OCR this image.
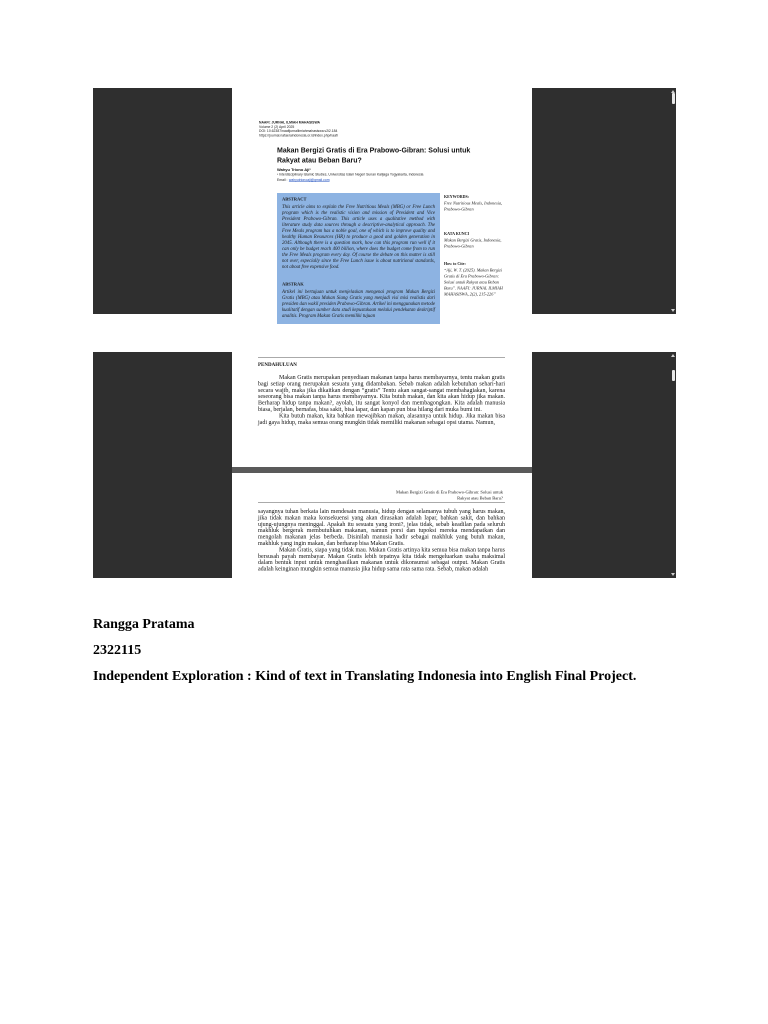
NAAFI: JURNAL ILMIAH MAHASISWA
Volume 2 (2) April 2025
DOI: 10.62387/naafijurnalilmiahmahasiswa.v2i2.184
https://journal.nafaeraindonesia.or.id/index.php/naafi
Makan Bergizi Gratis di Era Prabowo-Gibran: Solusi untuk
Rakyat atau Beban Baru?
Wahyu Triono Aji¹
¹ Interdisciplinary Islamic Studies, Universitas Islam Negeri Sunan Kalijaga Yogyakarta, Indonesia
Email : wahyutrionoaji@gmail.com
ABSTRACT
This article aims to explain the Free Nutritious Meals (MBG) or Free Lunch program which is the realistic vision and mission of President and Vice President Prabowo-Gibran. This article uses a qualitative method with literature study data sources through a descriptive-analytical approach. The Free Meals program has a noble goal, one of which is to improve quality and healthy Human Resources (HR) to produce a good and golden generation in 2045. Although there is a question mark, how can this program run well if it can only be budget reach 400 billion, where does the budget come from to run the Free Meals program every day. Of course the debate on this matter is still not over, especially since the Free Lunch issue is about nutritional standards, not about free expensive food.
ABSTRAK
Artikel ini bertujuan untuk menjelaskan mengenai program Makan Bergizi Gratis (MBG) atau Makan Siang Gratis yang menjadi visi misi realistis dari presiden dan wakil presiden Prabowo-Gibran. Artikel ini menggunakan metode kualitatif dengan sumber data studi kepustakaan melalui pendekatan deskriptif analitis. Program Makan Gratis memiliki tujuan
KEYWORDS:
Free Nutritious Meals, Indonesia, Prabowo-Gibran
KATA KUNCI
Makan Bergizi Gratis, Indonesia, Prabowo-Gibran
How to Cite:
“Aji, W. T. (2025). Makan Bergizi Gratis di Era Prabowo-Gibran: Solusi untuk Rakyat atau Beban Baru”. NAAFI: JURNAL ILMIAH MAHASISWA, 2(2), 215-226”
PENDAHULUAN

Makan Gratis merupakan penyediaan makanan tanpa harus membayarnya, tentu makan gratis bagi setiap orang merupakan sesuatu yang didambakan. Sebab makan adalah kebutuhan sehari-hari secara wajib, maka jika dikaitkan dengan “gratis” Tentu akan sangat-sangat membahagiakan, karena seseorang bisa makan tanpa harus membayarnya. Kita butuh makan, dan kita akan hidup jika makan. Berharap hidup tanpa makan?, ayolah, itu sangat konyol dan membagongkan. Kita adalah manusia biasa, berjalan, bernafas, bisa sakit, bisa lapar, dan kapan pun bisa hilang dari muka bumi ini.

Kita butuh makan, kita bahkan mewajibkan makan, alasannya untuk hidup. Jika makan bisa jadi gaya hidup, maka semua orang mungkin tidak memiliki makanan sebagai opsi utama. Namun,

Makan Bergizi Gratis di Era Prabowo-Gibran: Solusi untuk
Rakyat atau Beban Baru?

sayangnya tuhan berkata lain mendesain manusia, hidup dengan selamanya tubuh yang harus makan, jika tidak makan maka konsekuensi yang akan dirasakan adalah lapar, bahkan sakit, dan bahkan ujung-ujungnya meninggal. Apakah itu sesuatu yang ironi?, jelas tidak, sebab keadilan pada seluruh makhluk bergerak membutuhkan makanan, namun porsi dan tupoksi mereka mendapatkan dan mengolah makanan jelas berbeda. Disinilah manusia hadir sebagai makhluk yang butuh makan, makhluk yang ingin makan, dan berharap bisa Makan Gratis.

Makan Gratis, siapa yang tidak mau. Makan Gratis artinya kita semua bisa makan tanpa harus bersusah payah membayar. Makan Gratis lebih tepatnya kita tidak mengeluarkan usaha maksimal dalam bentuk input untuk menghasilkan makanan untuk dikonsumsi sebagai output. Makan Gratis adalah keinginan mungkin semua manusia jika hidup sama rata sama rata. Sebab, makan adalah

Rangga Pratama
2322115
Independent Exploration : Kind of text in Translating Indonesia into English Final Project.
